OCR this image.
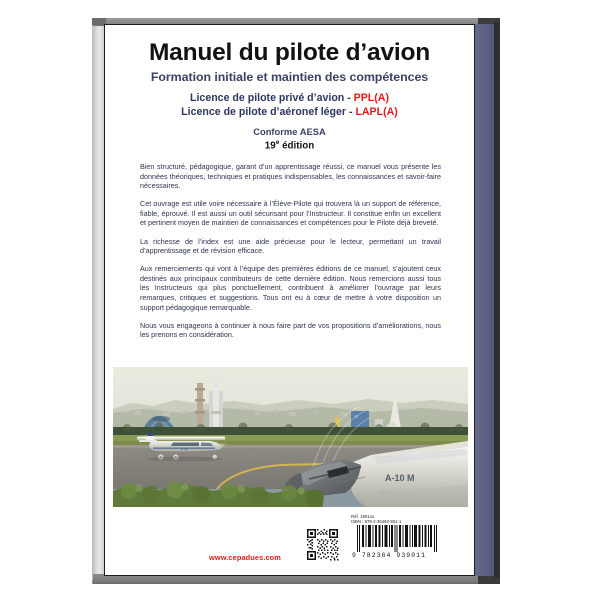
Manuel du pilote d’avion
Formation initiale et maintien des compétences
Licence de pilote privé d’avion - PPL(A)
Licence de pilote d’aéronef léger - LAPL(A)
Conforme AESA
19e édition

Bien structuré, pédagogique, garant d’un apprentissage réussi, ce manuel vous présente les données théoriques, techniques et pratiques indispensables, les connaissances et savoir-faire nécessaires.

Cet ouvrage est utile voire nécessaire à l’Élève-Pilote qui trouvera là un support de référence, fiable, éprouvé. Il est aussi un outil sécurisant pour l’Instructeur. Il constitue enfin un excellent et pertinent moyen de maintien de connaissances et compétences pour le Pilote déjà breveté.

La richesse de l’index est une aide précieuse pour le lecteur, permettant un travail d’apprentissage et de révision efficace.

Aux remerciements qui vont à l’équipe des premières éditions de ce manuel, s’ajoutent ceux destinés aux principaux contributeurs de cette dernière édition. Nous remercions aussi tous les Instructeurs qui plus ponctuellement, contribuent à améliorer l’ouvrage par leurs remarques, critiques et suggestions. Tous ont eu à cœur de mettre à votre disposition un support pédagogique remarquable.

Nous vous engageons à continuer à nous faire part de vos propositions d’améliorations, nous les prenons en considération.

F-G
A-10 M
www.cepadues.com
Réf. 1901oo
ISBN : 978-2-36493-901-1
9 782364 939011
